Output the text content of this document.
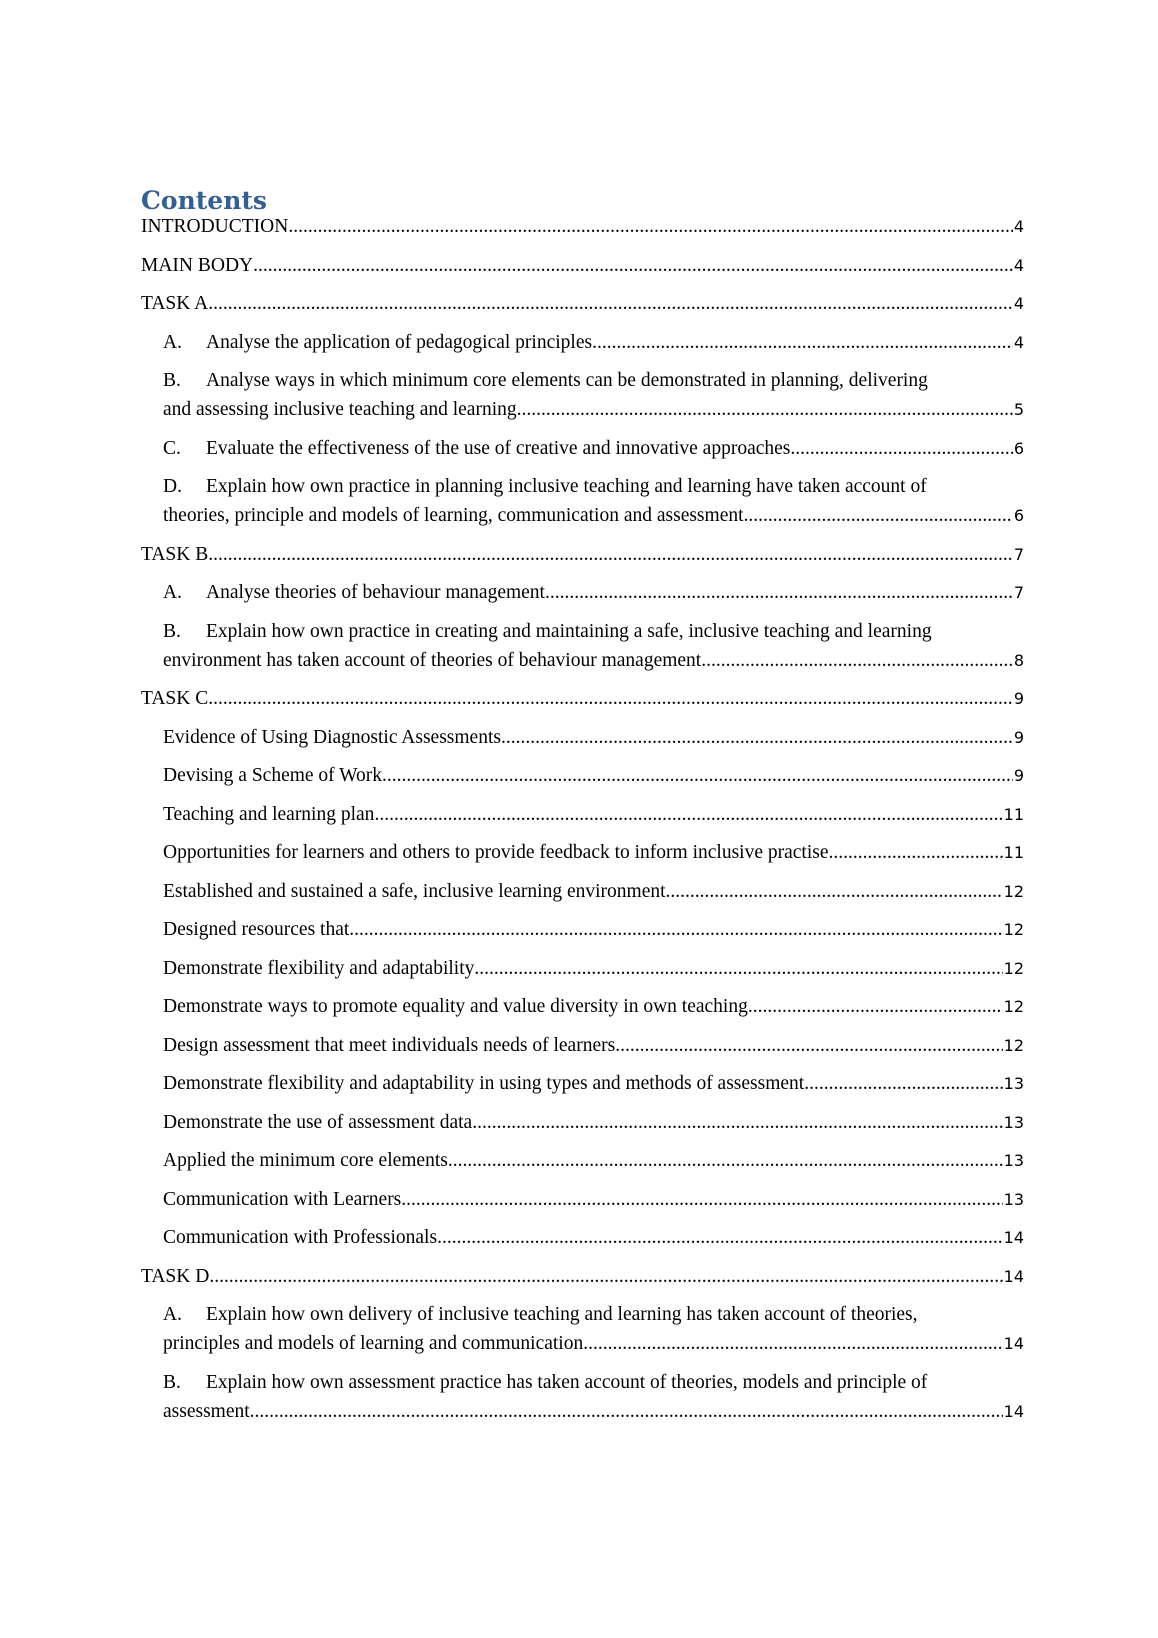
Contents
INTRODUCTION .....	4
MAIN BODY .....	4
TASK A .....	4
A. Analyse the application of pedagogical principles. .....	4
B. Analyse ways in which minimum core elements can be demonstrated in planning, delivering
and assessing inclusive teaching and learning. .....	5
C. Evaluate the effectiveness of the use of creative and innovative approaches. .....	6
D. Explain how own practice in planning inclusive teaching and learning have taken account of
theories, principle and models of learning, communication and assessment. .....	6
TASK B .....	7
A. Analyse theories of behaviour management. .....	7
B. Explain how own practice in creating and maintaining a safe, inclusive teaching and learning
environment has taken account of theories of behaviour management. .....	8
TASK C .....	9
Evidence of Using Diagnostic Assessments .....	9
Devising a Scheme of Work .....	9
Teaching and learning plan .....	11
Opportunities for learners and others to provide feedback to inform inclusive practise .....	11
Established and sustained a safe, inclusive learning environment .....	12
Designed resources that .....	12
Demonstrate flexibility and adaptability .....	12
Demonstrate ways to promote equality and value diversity in own teaching .....	12
Design assessment that meet individuals needs of learners .....	12
Demonstrate flexibility and adaptability in using types and methods of assessment .....	13
Demonstrate the use of assessment data .....	13
Applied the minimum core elements .....	13
Communication with Learners .....	13
Communication with Professionals .....	14
TASK D .....	14
A. Explain how own delivery of inclusive teaching and learning has taken account of theories,
principles and models of learning and communication. .....	14
B. Explain how own assessment practice has taken account of theories, models and principle of
assessment .....	14
